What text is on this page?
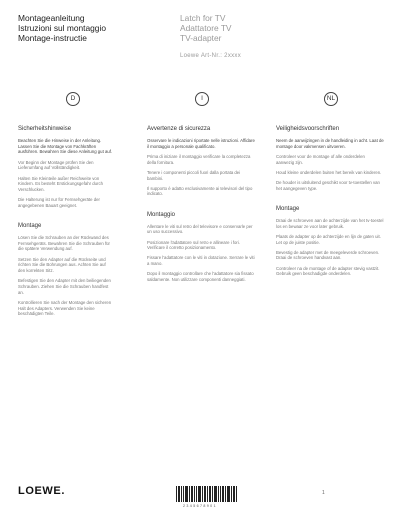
Montageanleitung
Istruzioni sul montaggio
Montage-instructie
Latch for TV
Adattatore TV
TV-adapter
Loewe Art-Nr.: 2xxxx
D
Sicherheitshinweise

Beachten Sie die Hinweise in der Anleitung. Lassen Sie die Montage von Fachkräften ausführen. Bewahren Sie diese Anleitung gut auf.

Vor Beginn der Montage prüfen Sie den Lieferumfang auf Vollständigkeit.

Halten Sie Kleinteile außer Reichweite von Kindern. Es besteht Erstickungsgefahr durch Verschlucken.

Die Halterung ist nur für Fernsehgeräte der angegebenen Bauart geeignet.

Montage

Lösen Sie die Schrauben an der Rückwand des Fernsehgeräts. Bewahren Sie die Schrauben für die spätere Verwendung auf.

Setzen Sie den Adapter auf die Rückseite und richten Sie die Bohrungen aus. Achten Sie auf den korrekten Sitz.

Befestigen Sie den Adapter mit den beiliegenden Schrauben. Ziehen Sie die Schrauben handfest an.

Kontrollieren Sie nach der Montage den sicheren Halt des Adapters. Verwenden Sie keine beschädigten Teile.

I
Avvertenze di sicurezza

Osservare le indicazioni riportate nelle istruzioni. Affidare il montaggio a personale qualificato.

Prima di iniziare il montaggio verificare la completezza della fornitura.

Tenere i componenti piccoli fuori dalla portata dei bambini.

Il supporto è adatto esclusivamente ai televisori del tipo indicato.

Montaggio

Allentare le viti sul retro del televisore e conservarle per un uso successivo.

Posizionare l'adattatore sul retro e allineare i fori. Verificare il corretto posizionamento.

Fissare l'adattatore con le viti in dotazione. Serrare le viti a mano.

Dopo il montaggio controllare che l'adattatore sia fissato saldamente. Non utilizzare componenti danneggiati.

NL
Veiligheidsvoorschriften

Neem de aanwijzingen in de handleiding in acht. Laat de montage door vakmensen uitvoeren.

Controleer voor de montage of alle onderdelen aanwezig zijn.

Houd kleine onderdelen buiten het bereik van kinderen.

De houder is uitsluitend geschikt voor tv-toestellen van het aangegeven type.

Montage

Draai de schroeven aan de achterzijde van het tv-toestel los en bewaar ze voor later gebruik.

Plaats de adapter op de achterzijde en lijn de gaten uit. Let op de juiste positie.

Bevestig de adapter met de meegeleverde schroeven. Draai de schroeven handvast aan.

Controleer na de montage of de adapter stevig vastzit. Gebruik geen beschadigde onderdelen.

LOEWE.
2 3 4 5 6 7 8 9 0 1
1
